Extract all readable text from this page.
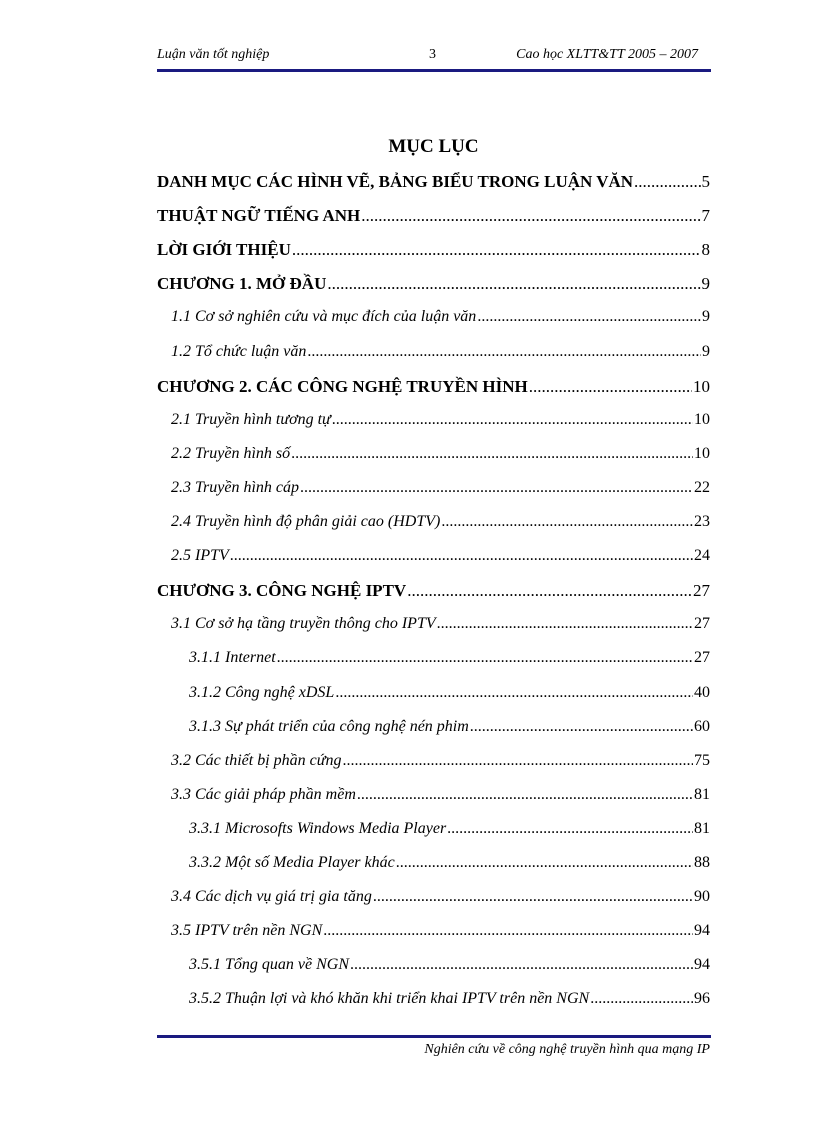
Luận văn tốt nghiệp	3	Cao học XLTT&TT 2005 – 2007
MỤC LỤC
DANH MỤC CÁC HÌNH VẼ, BẢNG BIỂU TRONG LUẬN VĂN .....	5
THUẬT NGỮ TIẾNG ANH .....	7
LỜI GIỚI THIỆU .....	8
CHƯƠNG 1. MỞ ĐẦU .....	9
1.1 Cơ sở nghiên cứu và mục đích của luận văn .....	9
1.2 Tổ chức luận văn .....	9
CHƯƠNG 2. CÁC CÔNG NGHỆ TRUYỀN HÌNH .....	10
2.1 Truyền hình tương tự .....	10
2.2 Truyền hình số .....	10
2.3 Truyền hình cáp .....	22
2.4 Truyền hình độ phân giải cao (HDTV) .....	23
2.5 IPTV .....	24
CHƯƠNG 3. CÔNG NGHỆ IPTV .....	27
3.1 Cơ sở hạ tầng truyền thông cho IPTV .....	27
3.1.1 Internet .....	27
3.1.2 Công nghệ xDSL .....	40
3.1.3 Sự phát triển của công nghệ nén phim .....	60
3.2 Các thiết bị phần cứng .....	75
3.3 Các giải pháp phần mềm .....	81
3.3.1 Microsofts Windows Media Player .....	81
3.3.2 Một số Media Player khác .....	88
3.4 Các dịch vụ giá trị gia tăng .....	90
3.5 IPTV trên nền NGN .....	94
3.5.1 Tổng quan về NGN .....	94
3.5.2 Thuận lợi và khó khăn khi triển khai IPTV trên nền NGN .....	96
Nghiên cứu về công nghệ truyền hình qua mạng IP
